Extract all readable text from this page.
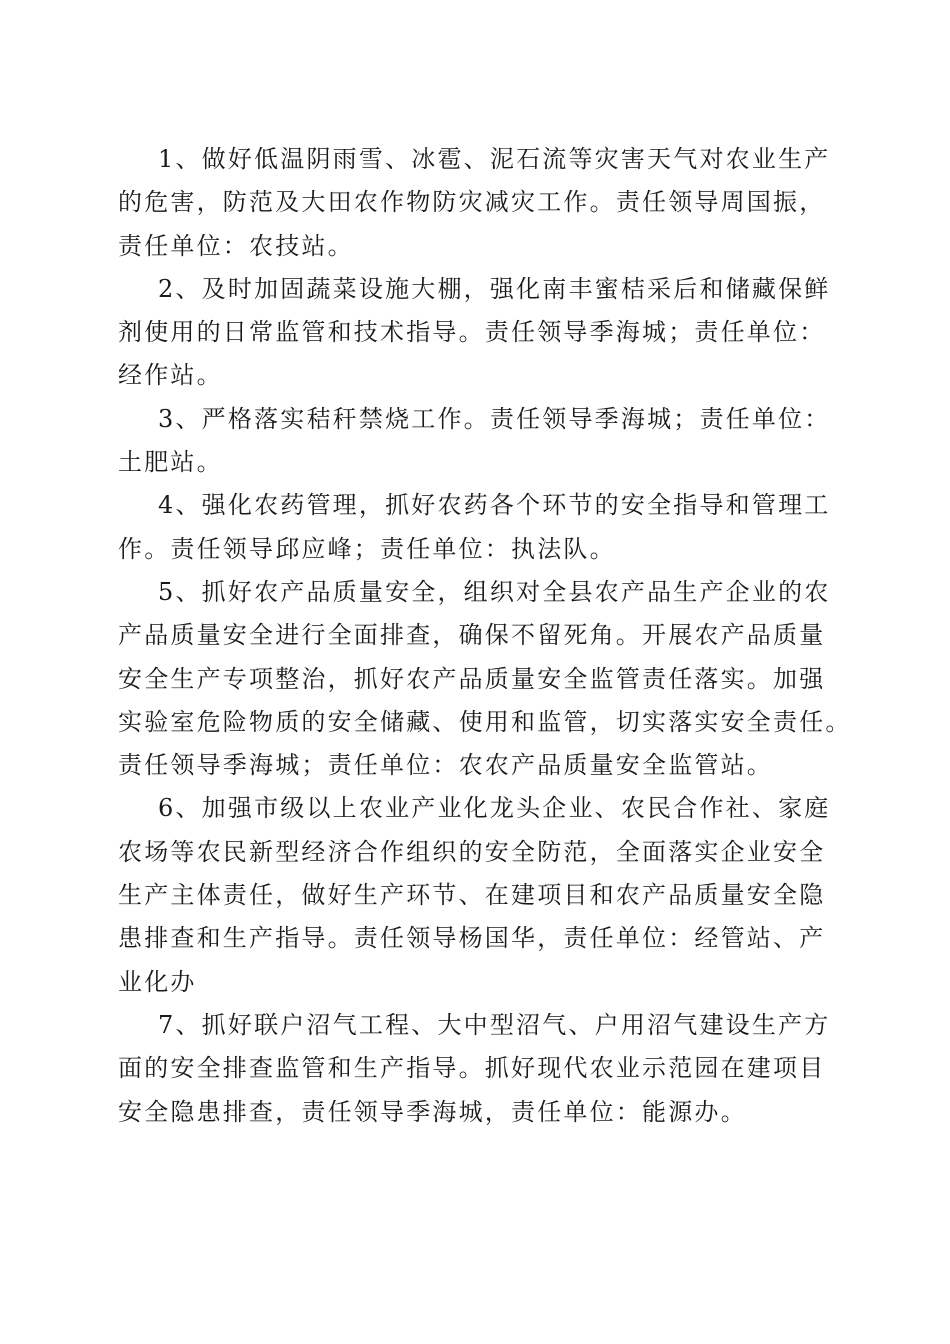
1、做好低温阴雨雪、冰雹、泥石流等灾害天气对农业生产
的危害，防范及大田农作物防灾减灾工作。责任领导周国振，
责任单位：农技站。
2、及时加固蔬菜设施大棚，强化南丰蜜桔采后和储藏保鲜
剂使用的日常监管和技术指导。责任领导季海城；责任单位：
经作站。
3、严格落实秸秆禁烧工作。责任领导季海城；责任单位：
土肥站。
4、强化农药管理，抓好农药各个环节的安全指导和管理工
作。责任领导邱应峰；责任单位：执法队。
5、抓好农产品质量安全，组织对全县农产品生产企业的农
产品质量安全进行全面排查，确保不留死角。开展农产品质量
安全生产专项整治，抓好农产品质量安全监管责任落实。加强
实验室危险物质的安全储藏、使用和监管，切实落实安全责任。
责任领导季海城；责任单位：农农产品质量安全监管站。
6、加强市级以上农业产业化龙头企业、农民合作社、家庭
农场等农民新型经济合作组织的安全防范，全面落实企业安全
生产主体责任，做好生产环节、在建项目和农产品质量安全隐
患排查和生产指导。责任领导杨国华，责任单位：经管站、产
业化办
7、抓好联户沼气工程、大中型沼气、户用沼气建设生产方
面的安全排查监管和生产指导。抓好现代农业示范园在建项目
安全隐患排查，责任领导季海城，责任单位：能源办。
